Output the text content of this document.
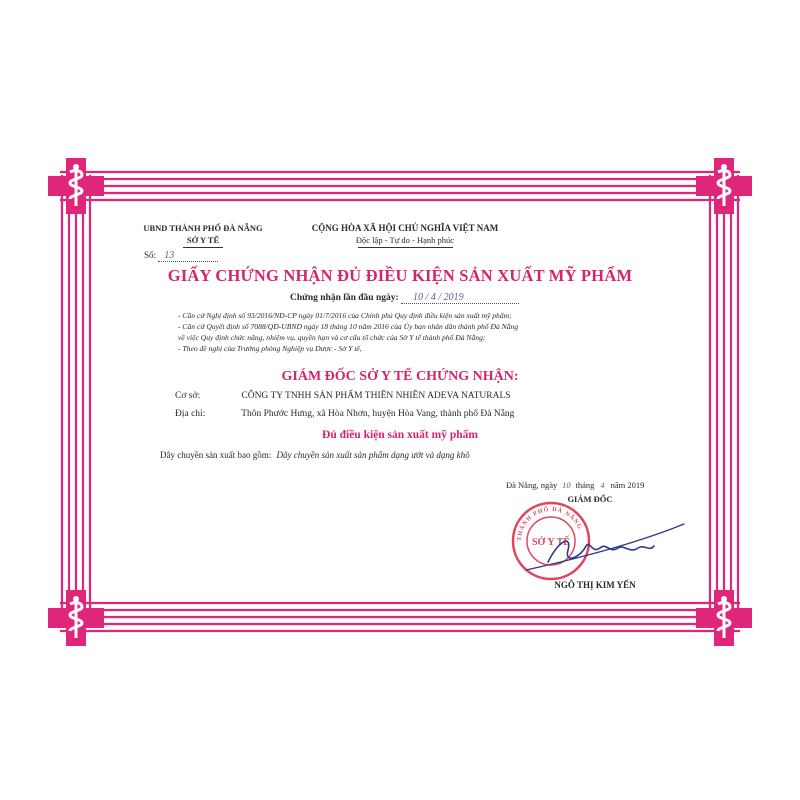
UBND THÀNH PHỐ ĐÀ NẴNG
SỞ Y TẾ
CỘNG HÒA XÃ HỘI CHỦ NGHĨA VIỆT NAM
Độc lập - Tự do - Hạnh phúc
Số: 13
GIẤY CHỨNG NHẬN ĐỦ ĐIỀU KIỆN SẢN XUẤT MỸ PHẨM
Chứng nhận lần đầu ngày: 10 / 4 / 2019
- Căn cứ Nghị định số 93/2016/NĐ-CP ngày 01/7/2016 của Chính phủ Quy định điều kiện sản xuất mỹ phẩm;
- Căn cứ Quyết định số 7088/QĐ-UBND ngày 18 tháng 10 năm 2016 của Ủy ban nhân dân thành phố Đà Nẵng
về việc Quy định chức năng, nhiệm vụ, quyền hạn và cơ cấu tổ chức của Sở Y tế thành phố Đà Nẵng;
- Theo đề nghị của Trưởng phòng Nghiệp vụ Dược - Sở Y tế,
GIÁM ĐỐC SỞ Y TẾ CHỨNG NHẬN:
Cơ sở:	CÔNG TY TNHH SẢN PHẨM THIÊN NHIÊN ADEVA NATURALS
Địa chỉ:	Thôn Phước Hưng, xã Hòa Nhơn, huyện Hòa Vang, thành phố Đà Nẵng
Đủ điều kiện sản xuất mỹ phẩm
Dây chuyền sản xuất bao gồm: Dây chuyền sản xuất sản phẩm dạng ướt và dạng khô
Đà Nẵng, ngày 10 tháng 4 năm 2019
GIÁM ĐỐC
THÀNH PHỐ ĐÀ NẴNG
SỞ Y TẾ
NGÔ THỊ KIM YẾN
